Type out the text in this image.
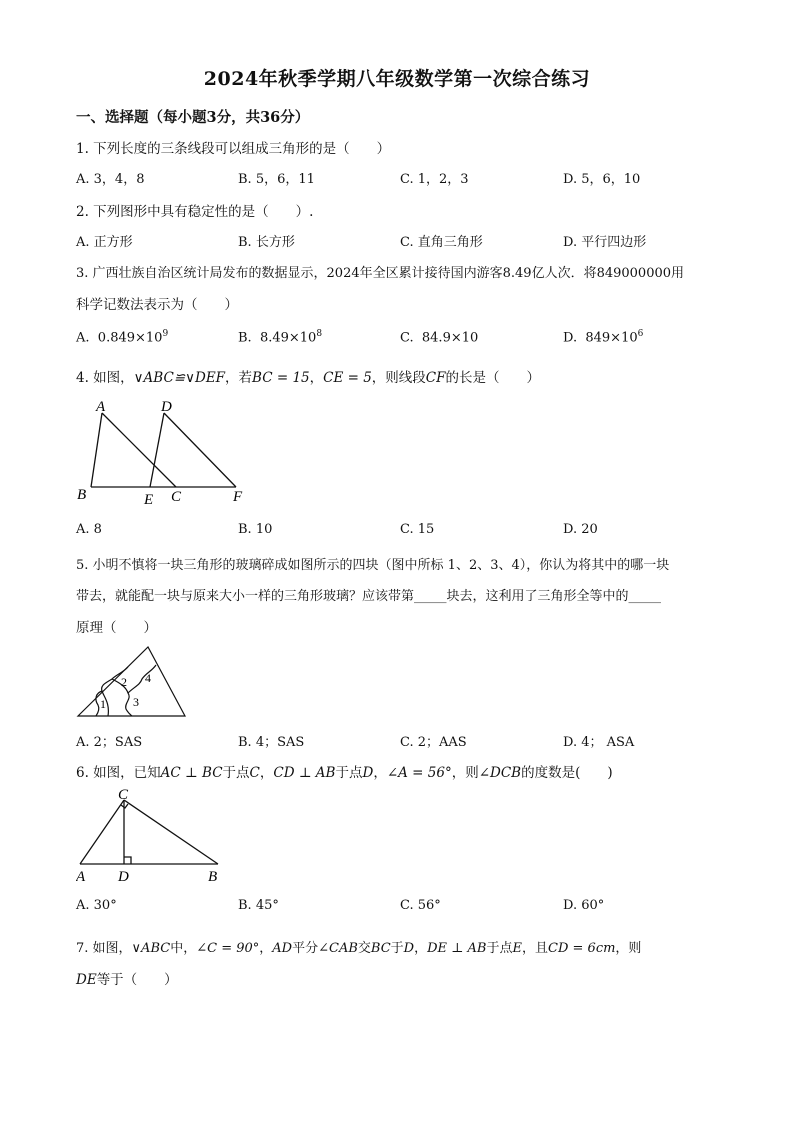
2024年秋季学期八年级数学第一次综合练习
一、选择题（每小题3分，共36分）
1. 下列长度的三条线段可以组成三角形的是（　　）
A. 3，4，8	B. 5，6，11	C. 1，2，3	D. 5，6，10
2. 下列图形中具有稳定性的是（　　）.
A. 正方形	B. 长方形	C. 直角三角形	D. 平行四边形
3. 广西壮族自治区统计局发布的数据显示，2024年全区累计接待国内游客8.49亿人次．将849000000用
科学记数法表示为（　　）
A. $0.849\times 10^9$	B. $8.49\times 10^8$	C. 84.9×10	D. $849\times 10^6$
4. 如图，∨ABC≌∨DEF，若BC = 15，CE = 5，则线段CF的长是（　　）
A	D
B	E C	F
A. 8	B. 10	C. 15	D. 20
5. 小明不慎将一块三角形的玻璃碎成如图所示的四块（图中所标 1、2、3、4），你认为将其中的哪一块
带去，就能配一块与原来大小一样的三角形玻璃？应该带第_____块去，这利用了三角形全等中的_____
原理（　　）
1
2
3
4
A. 2；SAS	B. 4；SAS	C. 2；AAS	D. 4； ASA
6. 如图，已知AC ⊥ BC于点C，CD ⊥ AB于点D，∠A = 56°，则∠DCB的度数是(　　)
C
A D	B
A. 30°	B. 45°	C. 56°	D. 60°
7. 如图，∨ABC中，∠C = 90°，AD平分∠CAB交BC于D，DE ⊥ AB于点E，且CD = 6cm，则
DE等于（　　）
